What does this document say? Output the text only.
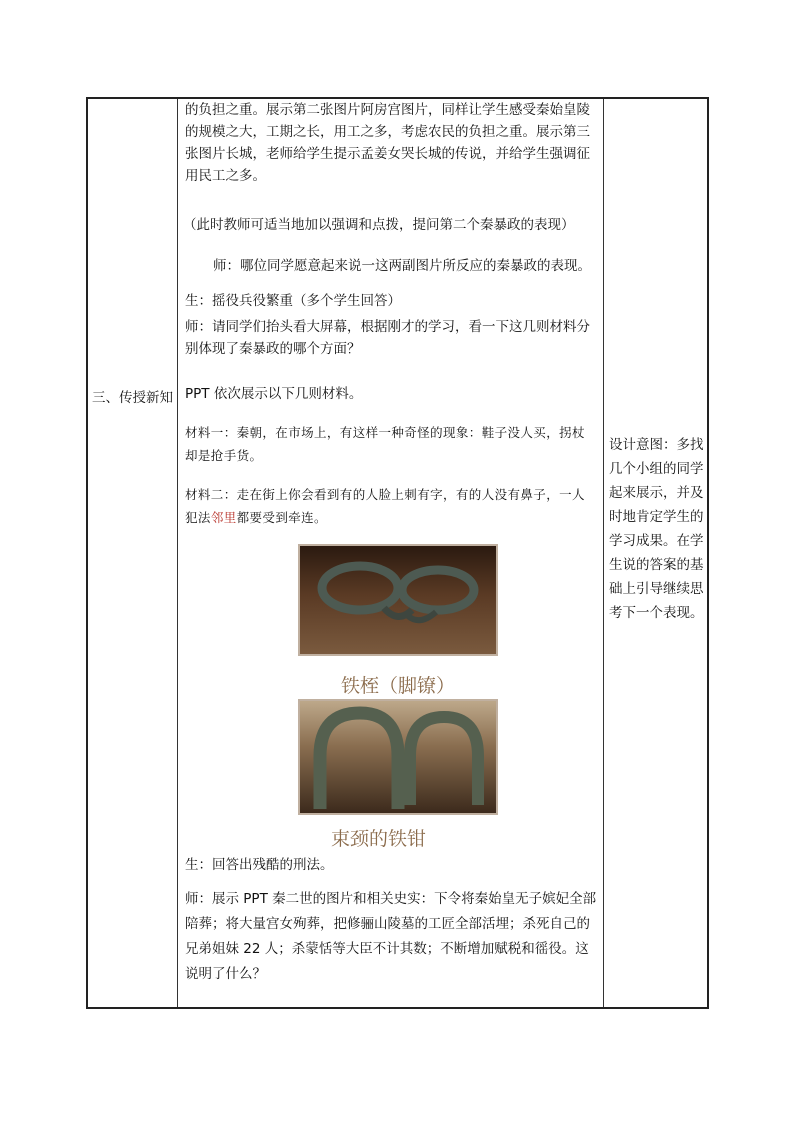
三、传授新知

的负担之重。展示第二张图片阿房宫图片，同样让学生感受秦始皇陵的规模之大，工期之长，用工之多，考虑农民的负担之重。展示第三张图片长城，老师给学生提示孟姜女哭长城的传说，并给学生强调征用民工之多。

（此时教师可适当地加以强调和点拨，提问第二个秦暴政的表现）

师：哪位同学愿意起来说一这两副图片所反应的秦暴政的表现。

生：摇役兵役繁重（多个学生回答）

师：请同学们抬头看大屏幕，根据刚才的学习，看一下这几则材料分别体现了秦暴政的哪个方面？

PPT 依次展示以下几则材料。

材料一：秦朝，在市场上，有这样一种奇怪的现象：鞋子没人买，拐杖却是抢手货。

材料二：走在街上你会看到有的人脸上刺有字，有的人没有鼻子，一人犯法邻里都要受到牵连。

铁桎（脚镣）
束颈的铁钳

生：回答出残酷的刑法。

师：展示 PPT 秦二世的图片和相关史实：下令将秦始皇无子嫔妃全部陪葬；将大量宫女殉葬，把修骊山陵墓的工匠全部活埋；杀死自己的兄弟姐妹 22 人；杀蒙恬等大臣不计其数；不断增加赋税和徭役。这说明了什么？

设计意图：多找几个小组的同学起来展示，并及时地肯定学生的学习成果。在学生说的答案的基础上引导继续思考下一个表现。
